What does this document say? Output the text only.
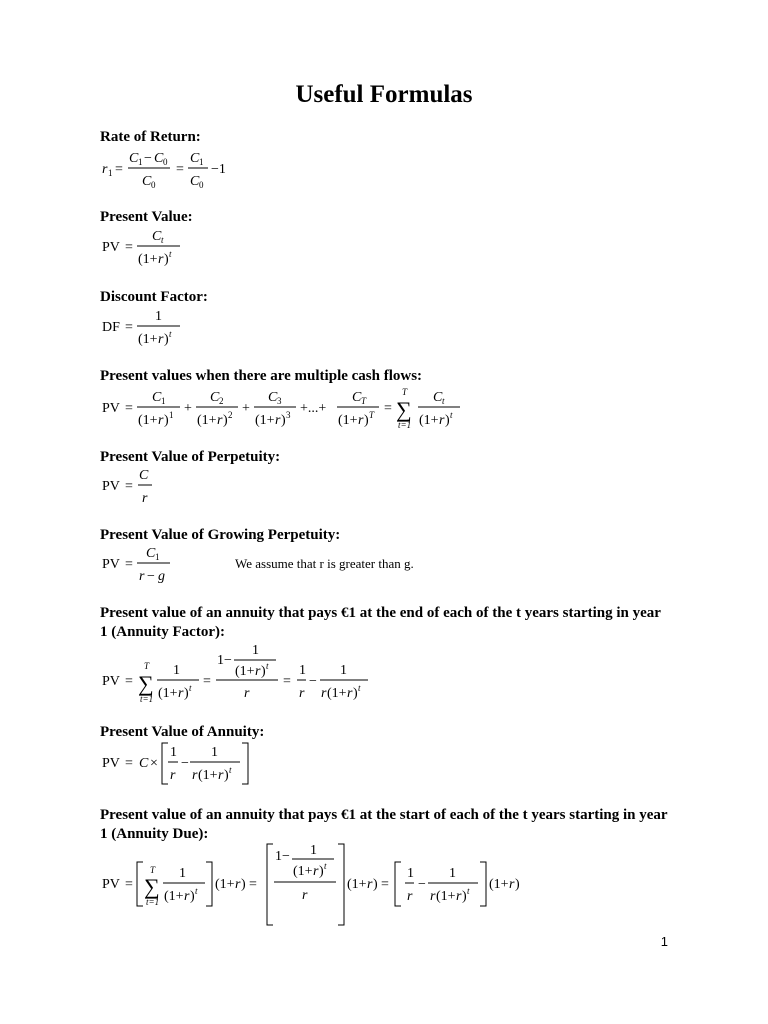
Useful Formulas
Rate of Return:
Present Value:
Discount Factor:
Present values when there are multiple cash flows:
Present Value of Perpetuity:
Present Value of Growing Perpetuity:
Present value of an annuity that pays €1 at the end of each of the t years starting in year 1 (Annuity Factor):
Present Value of Annuity:
Present value of an annuity that pays €1 at the start of each of the t years starting in year 1 (Annuity Due):
r 1 =
C 1 − C 0
C 0
=
C 1
C 0
−1
PV =
C t
(1+ r ) t
DF =
1
(1+ r ) t
PV =
C 1
(1+ r ) 1 +
C 2
(1+ r ) 2 +
C 3
(1+ r ) 3 +...+
C T
(1+ r ) T =
T
∑
t=1
C t
(1+ r ) t
PV =
C
r
PV =
C 1
r − g
We assume that r is greater than g.
PV =
T
∑
t=1
1
(1+ r ) t =
1−
1
(1+ r ) t
r
=
1
r
−
1
r (1+ r ) t
PV = C ×
1
r
−
1
r (1+ r ) t
PV =
T
∑
t=1
1
(1+ r ) t (1+ r ) =
1− 1
(1+ r ) t
r
(1+ r ) =
1
r
−
1
r (1+ r ) t (1+ r )
1
